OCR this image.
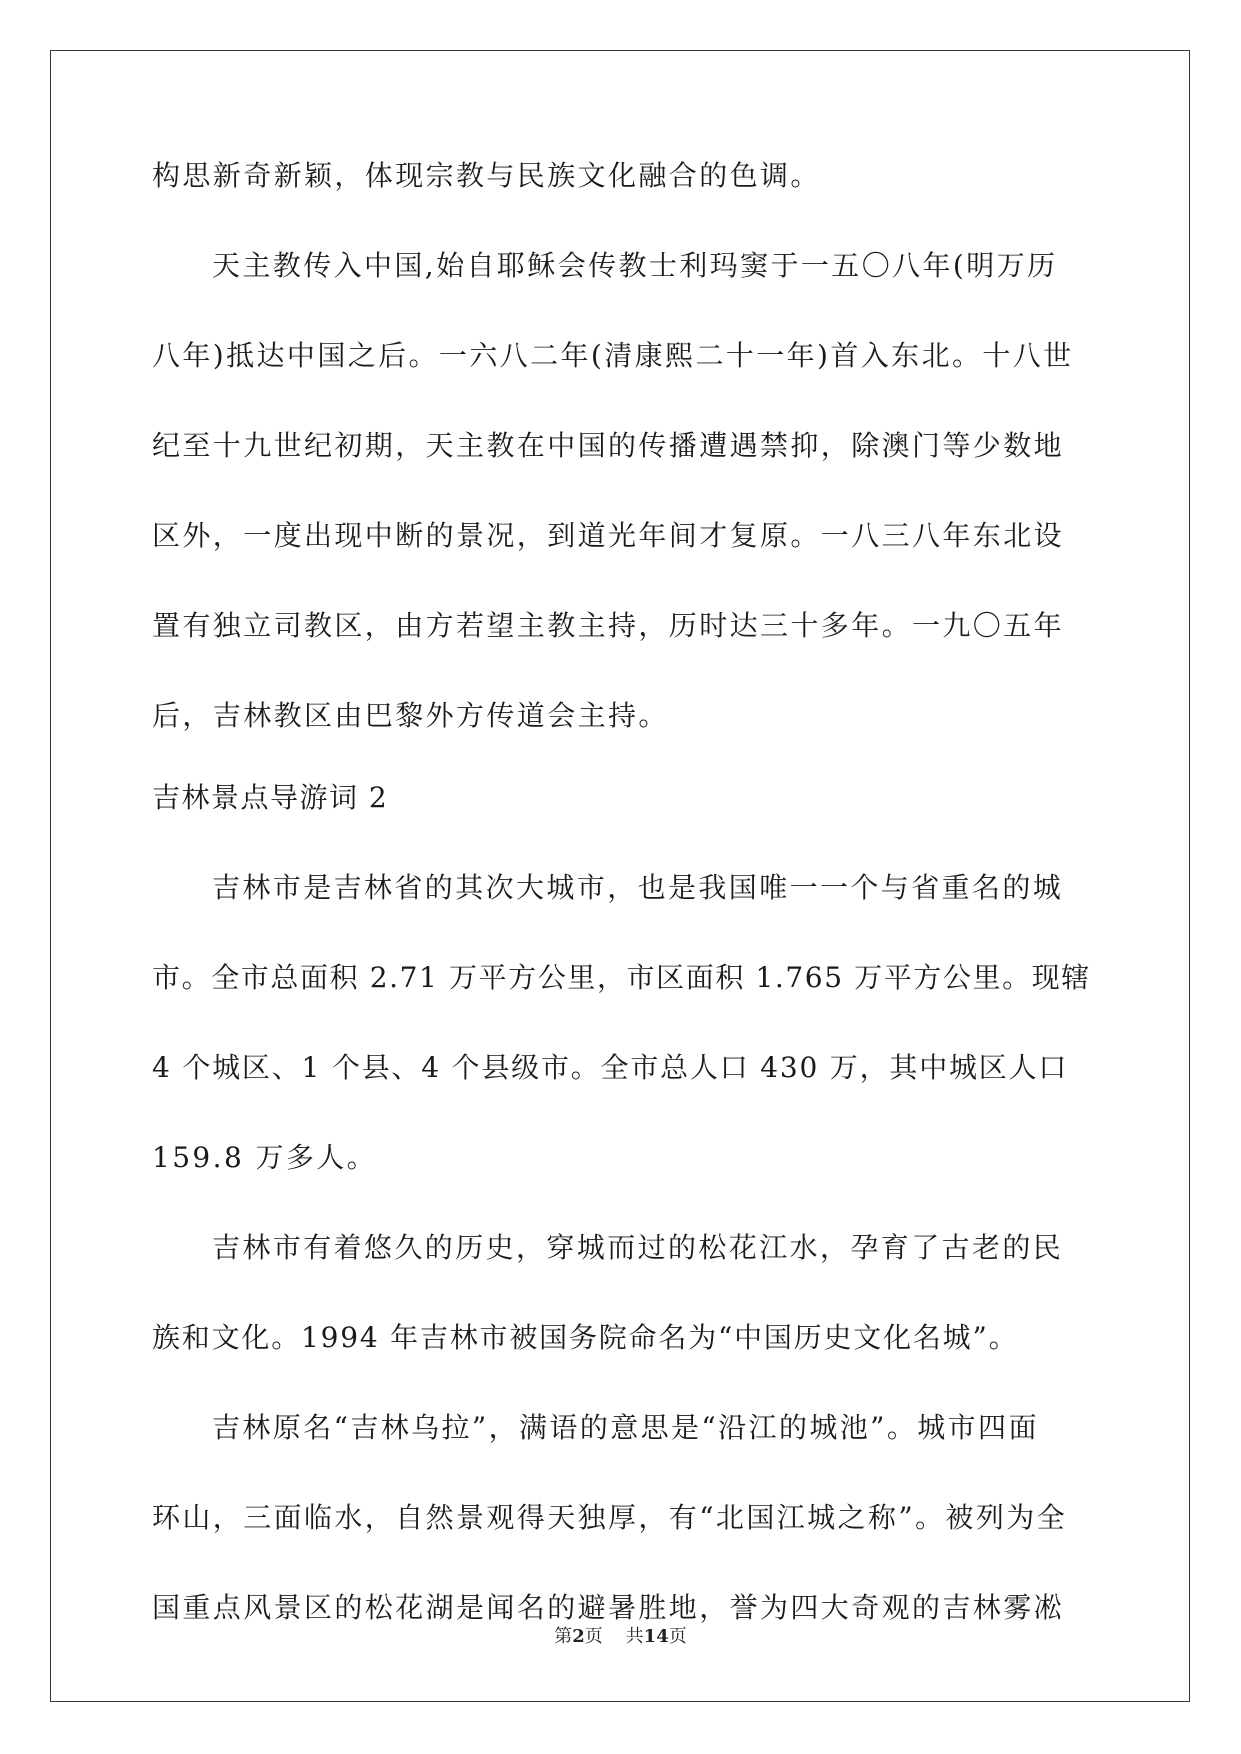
构思新奇新颖，体现宗教与民族文化融合的色调。
天主教传入中国,始自耶稣会传教士利玛窦于一五〇八年(明万历
八年)抵达中国之后。一六八二年(清康熙二十一年)首入东北。十八世
纪至十九世纪初期，天主教在中国的传播遭遇禁抑，除澳门等少数地
区外，一度出现中断的景况，到道光年间才复原。一八三八年东北设
置有独立司教区，由方若望主教主持，历时达三十多年。一九〇五年
后，吉林教区由巴黎外方传道会主持。
吉林景点导游词 2
吉林市是吉林省的其次大城市，也是我国唯一一个与省重名的城
市。全市总面积 2.71 万平方公里，市区面积 1.765 万平方公里。现辖
4 个城区、1 个县、4 个县级市。全市总人口 430 万，其中城区人口
159.8 万多人。
吉林市有着悠久的历史，穿城而过的松花江水，孕育了古老的民
族和文化。1994 年吉林市被国务院命名为“中国历史文化名城”。
吉林原名“吉林乌拉”，满语的意思是“沿江的城池”。城市四面
环山，三面临水，自然景观得天独厚，有“北国江城之称”。被列为全
国重点风景区的松花湖是闻名的避暑胜地，誉为四大奇观的吉林雾凇
第2页 共14页
